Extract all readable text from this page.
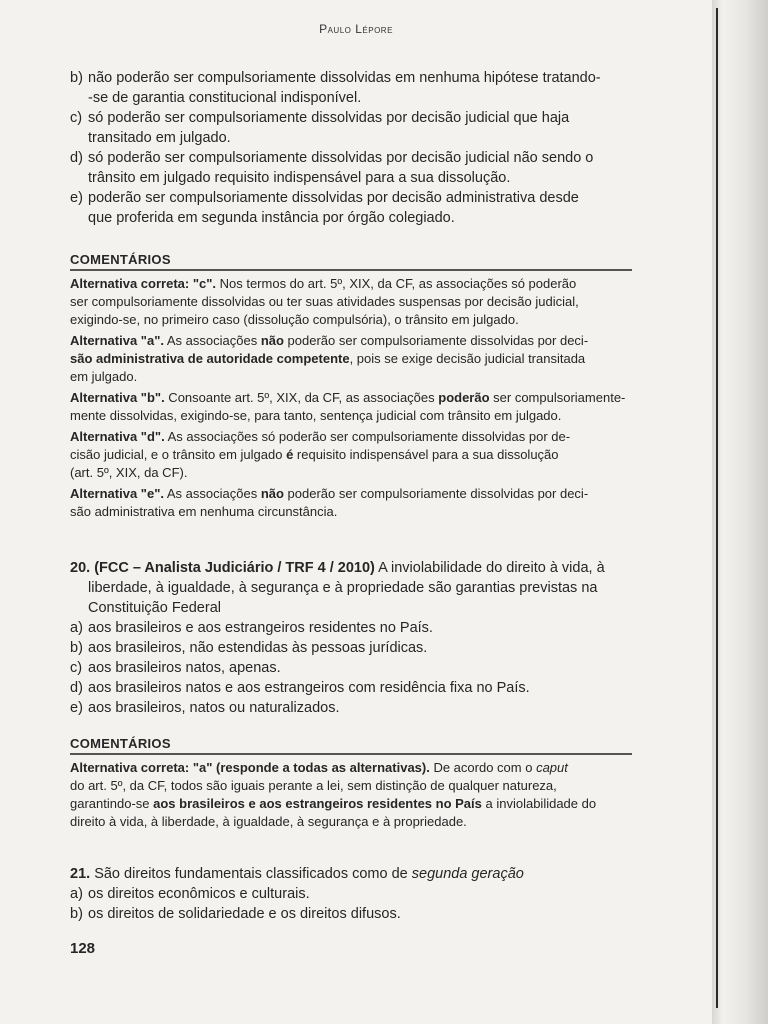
Paulo Lépore
b) não poderão ser compulsoriamente dissolvidas em nenhuma hipótese tratando-
-se de garantia constitucional indisponível.
c) só poderão ser compulsoriamente dissolvidas por decisão judicial que haja
transitado em julgado.
d) só poderão ser compulsoriamente dissolvidas por decisão judicial não sendo o
trânsito em julgado requisito indispensável para a sua dissolução.
e) poderão ser compulsoriamente dissolvidas por decisão administrativa desde
que proferida em segunda instância por órgão colegiado.
COMENTÁRIOS
Alternativa correta: "c". Nos termos do art. 5º, XIX, da CF, as associações só poderão
ser compulsoriamente dissolvidas ou ter suas atividades suspensas por decisão judicial,
exigindo-se, no primeiro caso (dissolução compulsória), o trânsito em julgado.
Alternativa "a". As associações não poderão ser compulsoriamente dissolvidas por deci-
são administrativa de autoridade competente, pois se exige decisão judicial transitada
em julgado.
Alternativa "b". Consoante art. 5º, XIX, da CF, as associações poderão ser compulsoriamente-
mente dissolvidas, exigindo-se, para tanto, sentença judicial com trânsito em julgado.
Alternativa "d". As associações só poderão ser compulsoriamente dissolvidas por de-
cisão judicial, e o trânsito em julgado é requisito indispensável para a sua dissolução
(art. 5º, XIX, da CF).
Alternativa "e". As associações não poderão ser compulsoriamente dissolvidas por deci-
são administrativa em nenhuma circunstância.
20. (FCC – Analista Judiciário / TRF 4 / 2010) A inviolabilidade do direito à vida, à
liberdade, à igualdade, à segurança e à propriedade são garantias previstas na
Constituição Federal
a) aos brasileiros e aos estrangeiros residentes no País.
b) aos brasileiros, não estendidas às pessoas jurídicas.
c) aos brasileiros natos, apenas.
d) aos brasileiros natos e aos estrangeiros com residência fixa no País.
e) aos brasileiros, natos ou naturalizados.
COMENTÁRIOS
Alternativa correta: "a" (responde a todas as alternativas). De acordo com o caput
do art. 5º, da CF, todos são iguais perante a lei, sem distinção de qualquer natureza,
garantindo-se aos brasileiros e aos estrangeiros residentes no País a inviolabilidade do
direito à vida, à liberdade, à igualdade, à segurança e à propriedade.
21. São direitos fundamentais classificados como de segunda geração
a) os direitos econômicos e culturais.
b) os direitos de solidariedade e os direitos difusos.
128
